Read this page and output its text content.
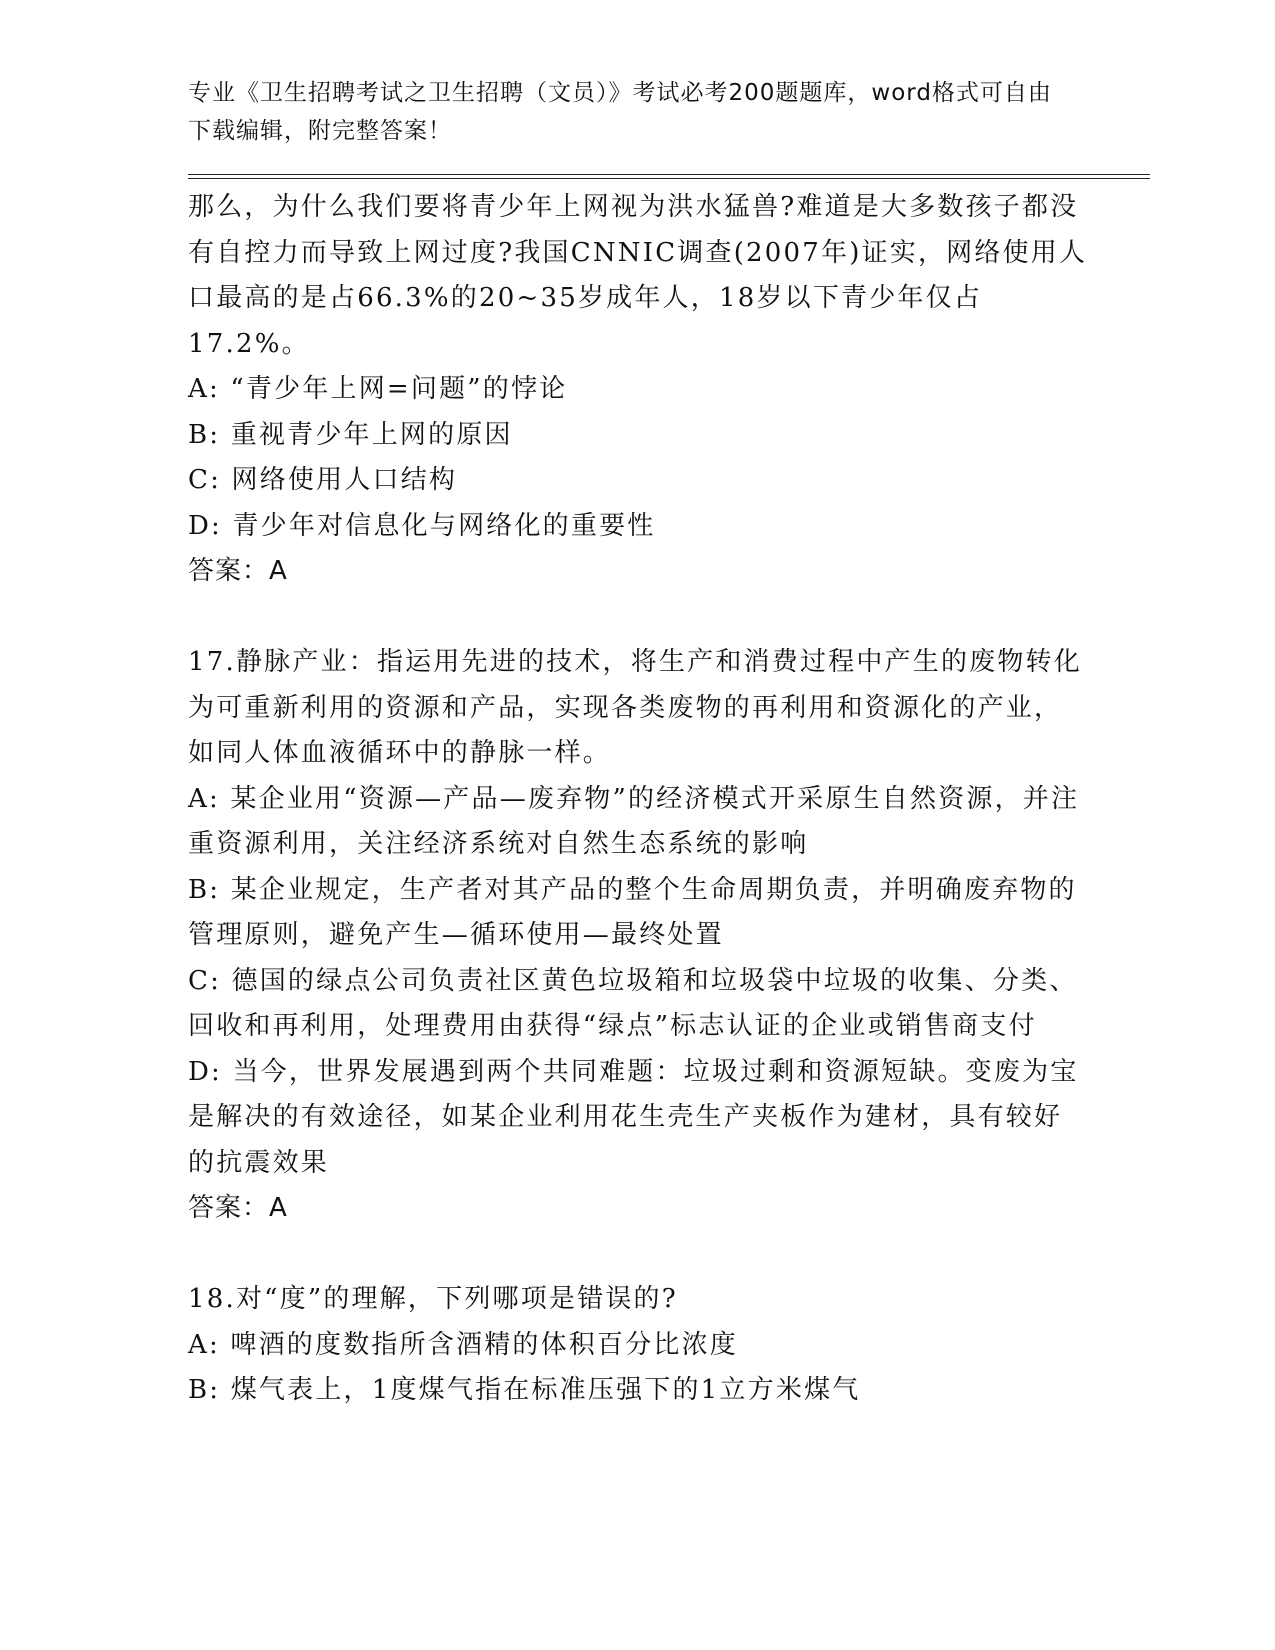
专业《卫生招聘考试之卫生招聘（文员）》考试必考200题题库，word格式可自由下载编辑，附完整答案！

那么，为什么我们要将青少年上网视为洪水猛兽?难道是大多数孩子都没有自控力而导致上网过度?我国CNNIC调查(2007年)证实，网络使用人口最高的是占66.3%的20~35岁成年人，18岁以下青少年仅占17.2%。

A: “青少年上网=问题”的悖论

B: 重视青少年上网的原因

C: 网络使用人口结构

D: 青少年对信息化与网络化的重要性

答案：A

17.静脉产业：指运用先进的技术，将生产和消费过程中产生的废物转化为可重新利用的资源和产品，实现各类废物的再利用和资源化的产业，如同人体血液循环中的静脉一样。

A: 某企业用“资源—产品—废弃物”的经济模式开采原生自然资源，并注重资源利用，关注经济系统对自然生态系统的影响

B: 某企业规定，生产者对其产品的整个生命周期负责，并明确废弃物的管理原则，避免产生—循环使用—最终处置

C: 德国的绿点公司负责社区黄色垃圾箱和垃圾袋中垃圾的收集、分类、回收和再利用，处理费用由获得“绿点”标志认证的企业或销售商支付

D: 当今，世界发展遇到两个共同难题：垃圾过剩和资源短缺。变废为宝是解决的有效途径，如某企业利用花生壳生产夹板作为建材，具有较好的抗震效果

答案：A

18.对“度”的理解，下列哪项是错误的?

A: 啤酒的度数指所含酒精的体积百分比浓度

B: 煤气表上，1度煤气指在标准压强下的1立方米煤气
